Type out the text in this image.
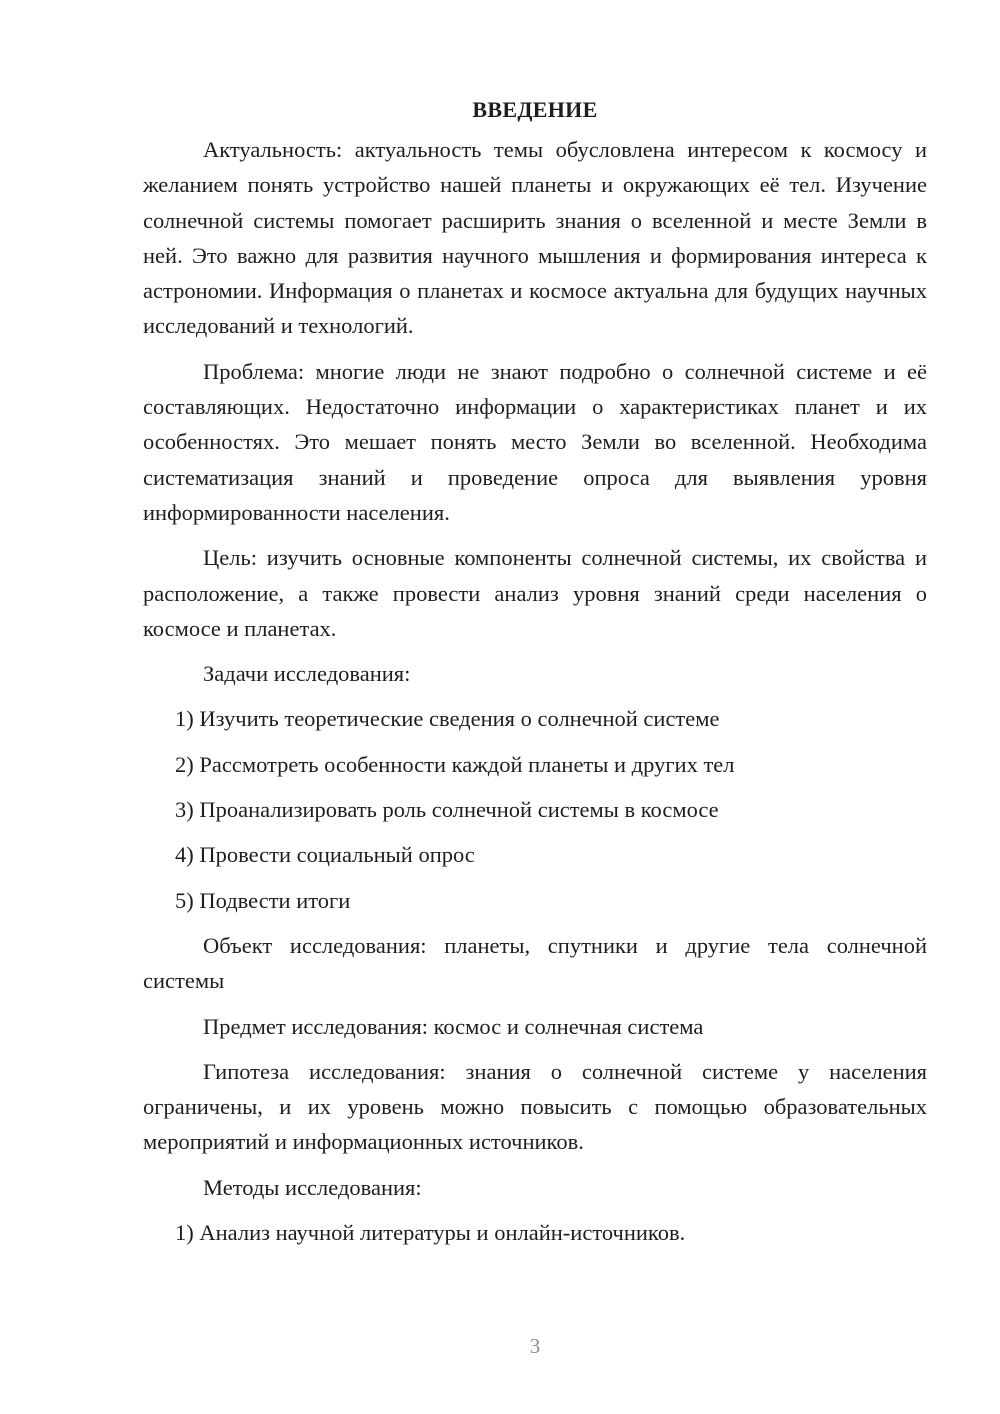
ВВЕДЕНИЕ

Актуальность: актуальность темы обусловлена интересом к космосу и желанием понять устройство нашей планеты и окружающих её тел. Изучение солнечной системы помогает расширить знания о вселенной и месте Земли в ней. Это важно для развития научного мышления и формирования интереса к астрономии. Информация о планетах и космосе актуальна для будущих научных исследований и технологий.

Проблема: многие люди не знают подробно о солнечной системе и её составляющих. Недостаточно информации о характеристиках планет и их особенностях. Это мешает понять место Земли во вселенной. Необходима систематизация знаний и проведение опроса для выявления уровня информированности населения.

Цель: изучить основные компоненты солнечной системы, их свойства и расположение, а также провести анализ уровня знаний среди населения о космосе и планетах.

Задачи исследования:

1) Изучить теоретические сведения о солнечной системе
2) Рассмотреть особенности каждой планеты и других тел
3) Проанализировать роль солнечной системы в космосе
4) Провести социальный опрос
5) Подвести итоги

Объект исследования: планеты, спутники и другие тела солнечной системы

Предмет исследования: космос и солнечная система

Гипотеза исследования: знания о солнечной системе у населения ограничены, и их уровень можно повысить с помощью образовательных мероприятий и информационных источников.

Методы исследования:

1) Анализ научной литературы и онлайн-источников.
3
